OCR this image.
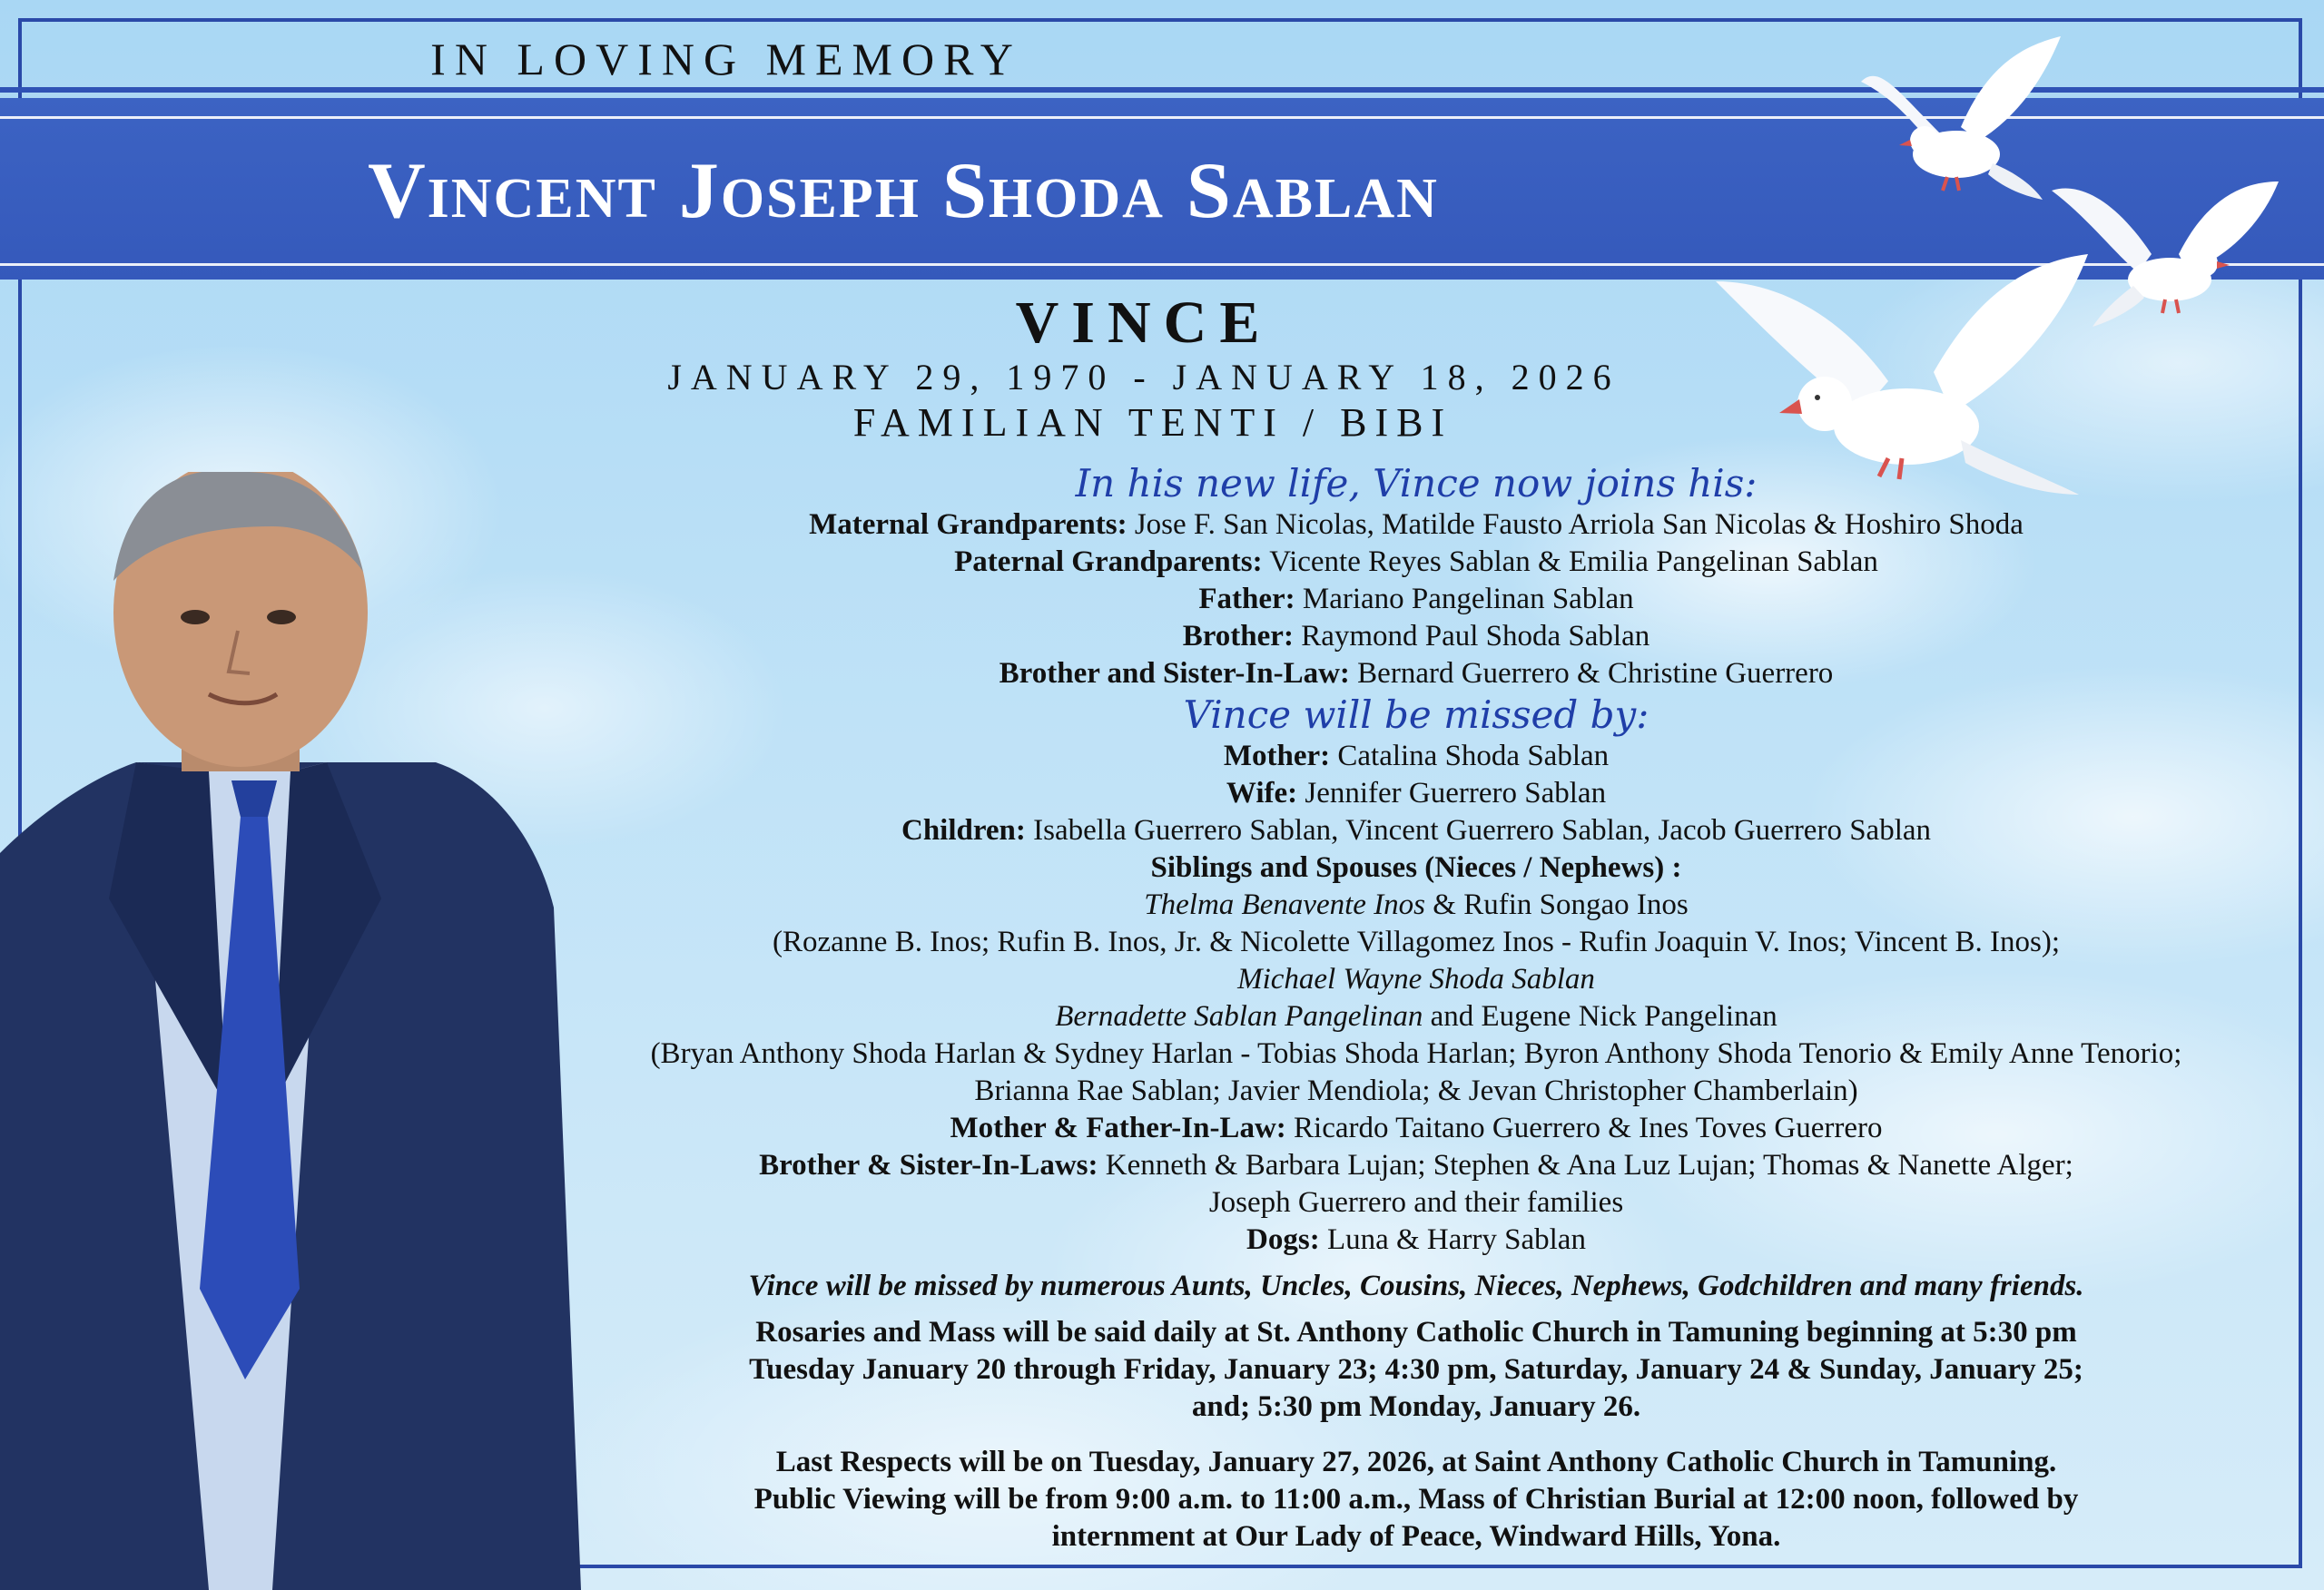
IN LOVING MEMORY
Vincent Joseph Shoda Sablan
VINCE
JANUARY 29, 1970 - JANUARY 18, 2026
FAMILIAN TENTI / BIBI
In his new life, Vince now joins his:
Maternal Grandparents: Jose F. San Nicolas, Matilde Fausto Arriola San Nicolas & Hoshiro Shoda
Paternal Grandparents: Vicente Reyes Sablan & Emilia Pangelinan Sablan
Father: Mariano Pangelinan Sablan
Brother: Raymond Paul Shoda Sablan
Brother and Sister-In-Law: Bernard Guerrero & Christine Guerrero
Vince will be missed by:
Mother: Catalina Shoda Sablan
Wife: Jennifer Guerrero Sablan
Children: Isabella Guerrero Sablan, Vincent Guerrero Sablan, Jacob Guerrero Sablan
Siblings and Spouses (Nieces / Nephews) :
Thelma Benavente Inos & Rufin Songao Inos
(Rozanne B. Inos; Rufin B. Inos, Jr. & Nicolette Villagomez Inos - Rufin Joaquin V. Inos; Vincent B. Inos);
Michael Wayne Shoda Sablan
Bernadette Sablan Pangelinan and Eugene Nick Pangelinan
(Bryan Anthony Shoda Harlan & Sydney Harlan - Tobias Shoda Harlan; Byron Anthony Shoda Tenorio & Emily Anne Tenorio;
Brianna Rae Sablan; Javier Mendiola; & Jevan Christopher Chamberlain)
Mother & Father-In-Law: Ricardo Taitano Guerrero & Ines Toves Guerrero
Brother & Sister-In-Laws: Kenneth & Barbara Lujan; Stephen & Ana Luz Lujan; Thomas & Nanette Alger;
Joseph Guerrero and their families
Dogs: Luna & Harry Sablan
Vince will be missed by numerous Aunts, Uncles, Cousins, Nieces, Nephews, Godchildren and many friends.
Rosaries and Mass will be said daily at St. Anthony Catholic Church in Tamuning beginning at 5:30 pm
Tuesday January 20 through Friday, January 23; 4:30 pm, Saturday, January 24 & Sunday, January 25;
and; 5:30 pm Monday, January 26.
Last Respects will be on Tuesday, January 27, 2026, at Saint Anthony Catholic Church in Tamuning.
Public Viewing will be from 9:00 a.m. to 11:00 a.m., Mass of Christian Burial at 12:00 noon, followed by
internment at Our Lady of Peace, Windward Hills, Yona.
